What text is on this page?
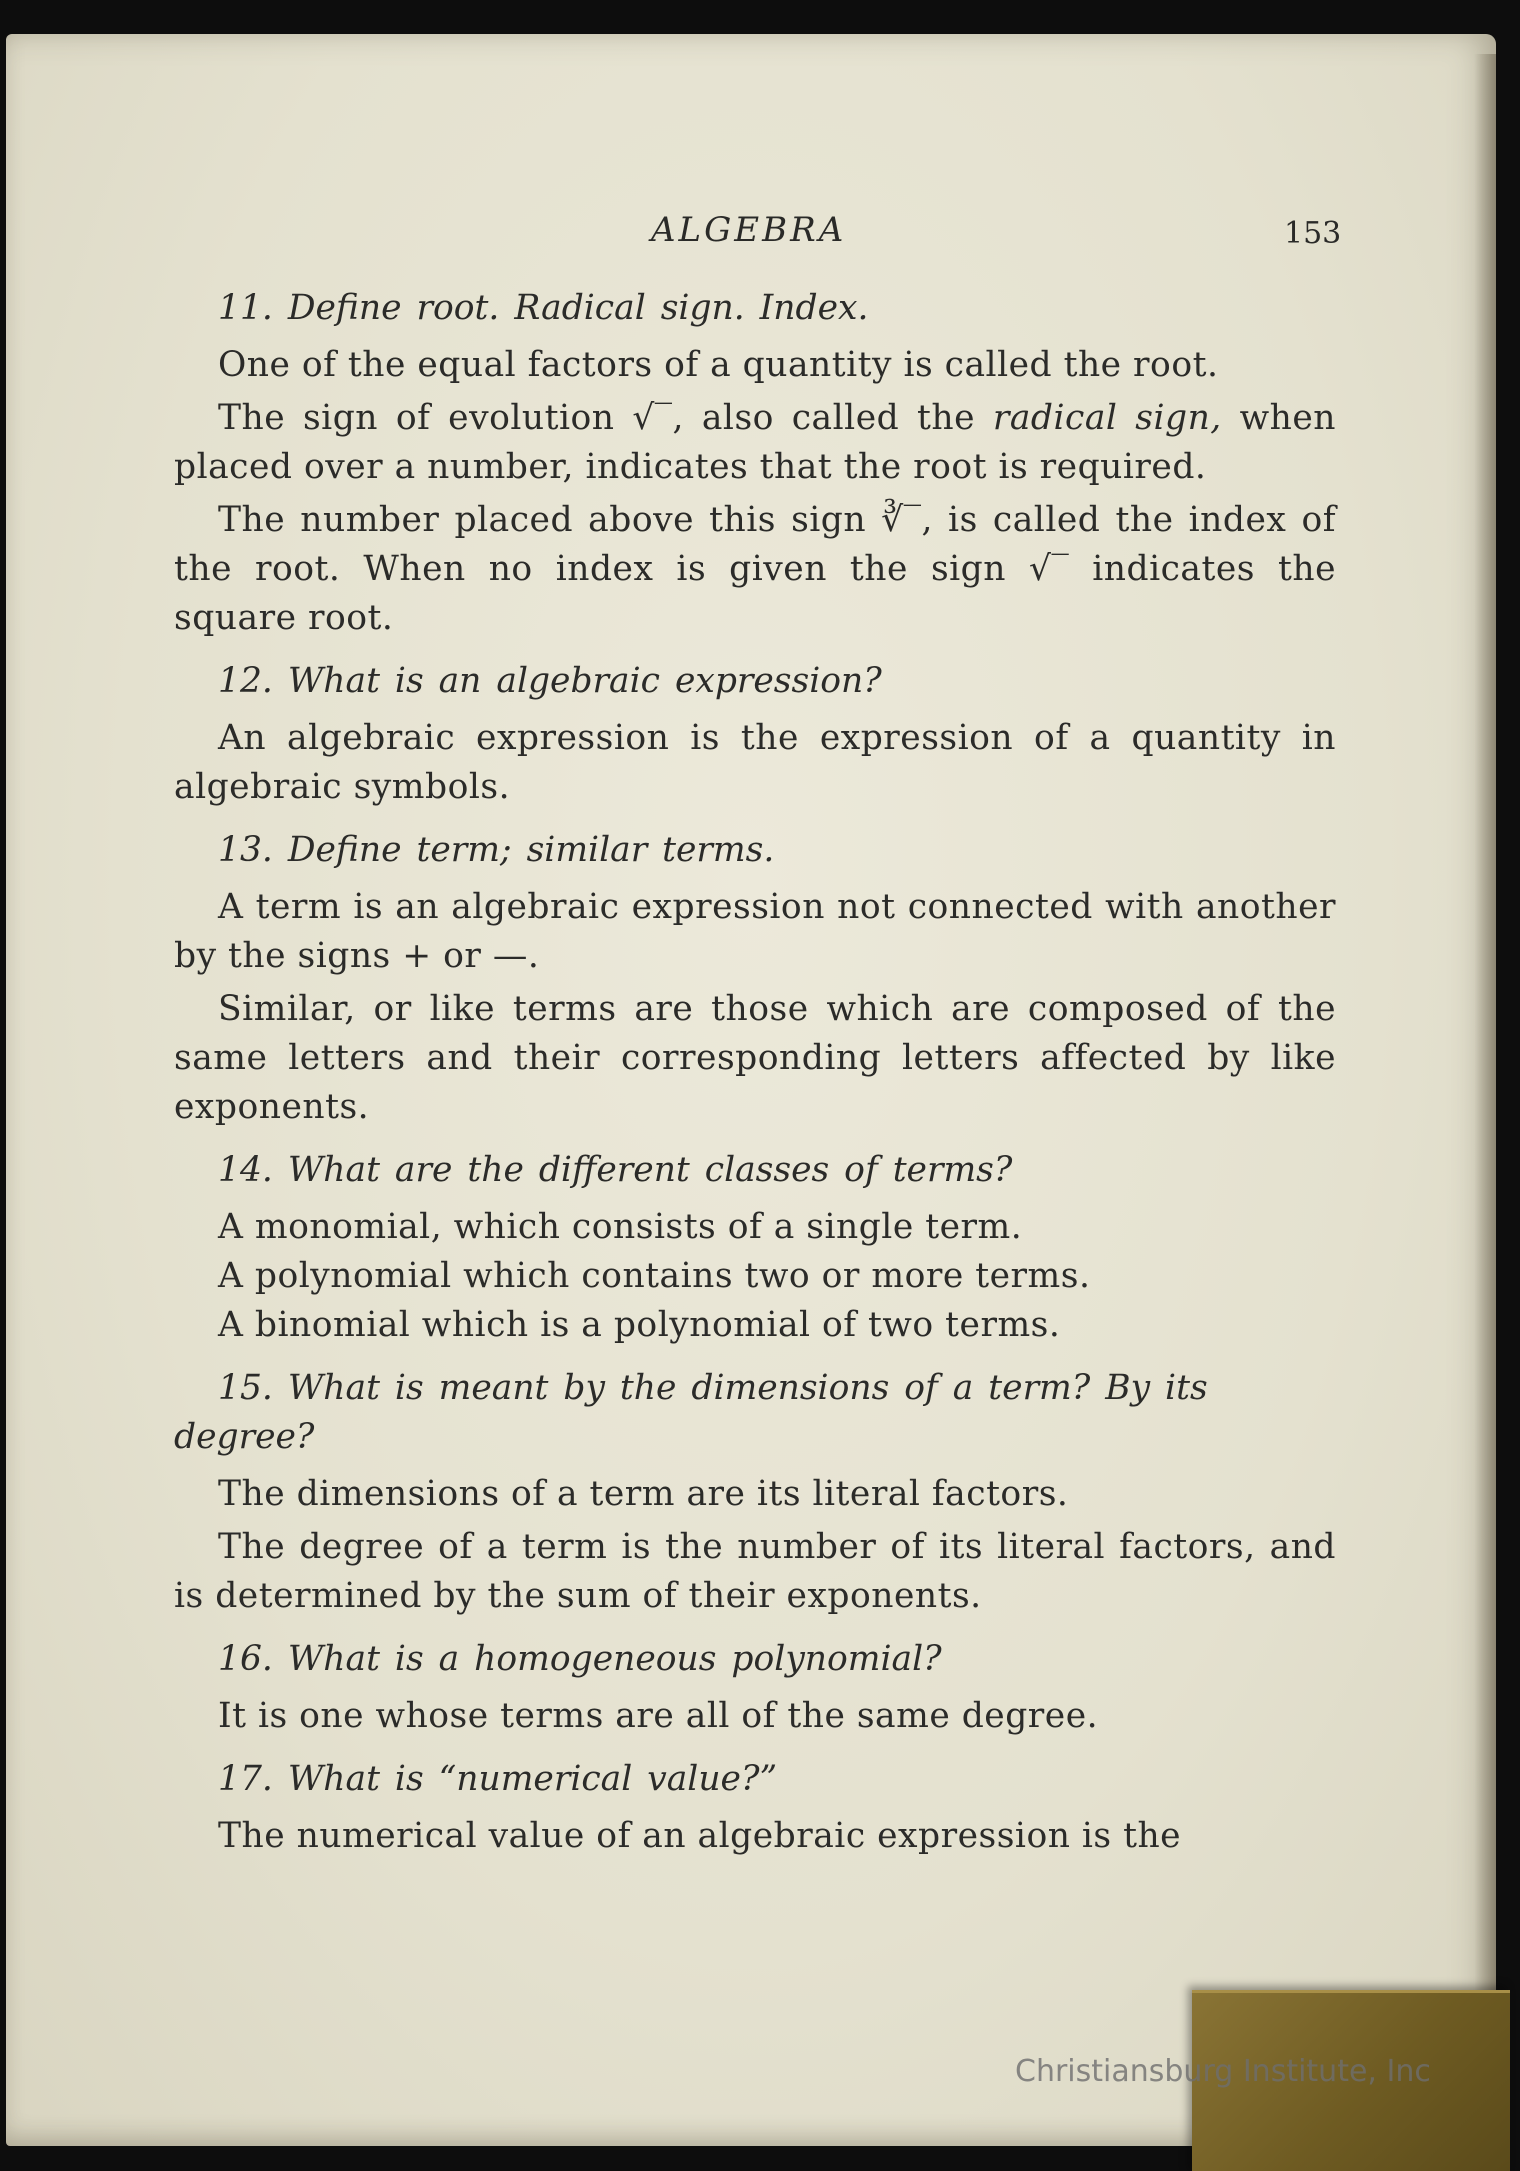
ALGEBRA	153

11. Define root. Radical sign. Index.

One of the equal factors of a quantity is called the root.

The sign of evolution √‾, also called the radical sign, when placed over a number, indicates that the root is required.

The number placed above this sign ∛‾, is called the index of the root. When no index is given the sign √‾ indicates the square root.

12. What is an algebraic expression?

An algebraic expression is the expression of a quantity in algebraic symbols.

13. Define term; similar terms.

A term is an algebraic expression not connected with another by the signs + or —.

Similar, or like terms are those which are composed of the same letters and their corresponding letters affected by like exponents.

14. What are the different classes of terms?

A monomial, which consists of a single term.

A polynomial which contains two or more terms.

A binomial which is a polynomial of two terms.

15. What is meant by the dimensions of a term? By its degree?

The dimensions of a term are its literal factors.

The degree of a term is the number of its literal factors, and is determined by the sum of their exponents.

16. What is a homogeneous polynomial?

It is one whose terms are all of the same degree.

17. What is “numerical value?”

The numerical value of an algebraic expression is the

Christiansburg Institute, Inc
